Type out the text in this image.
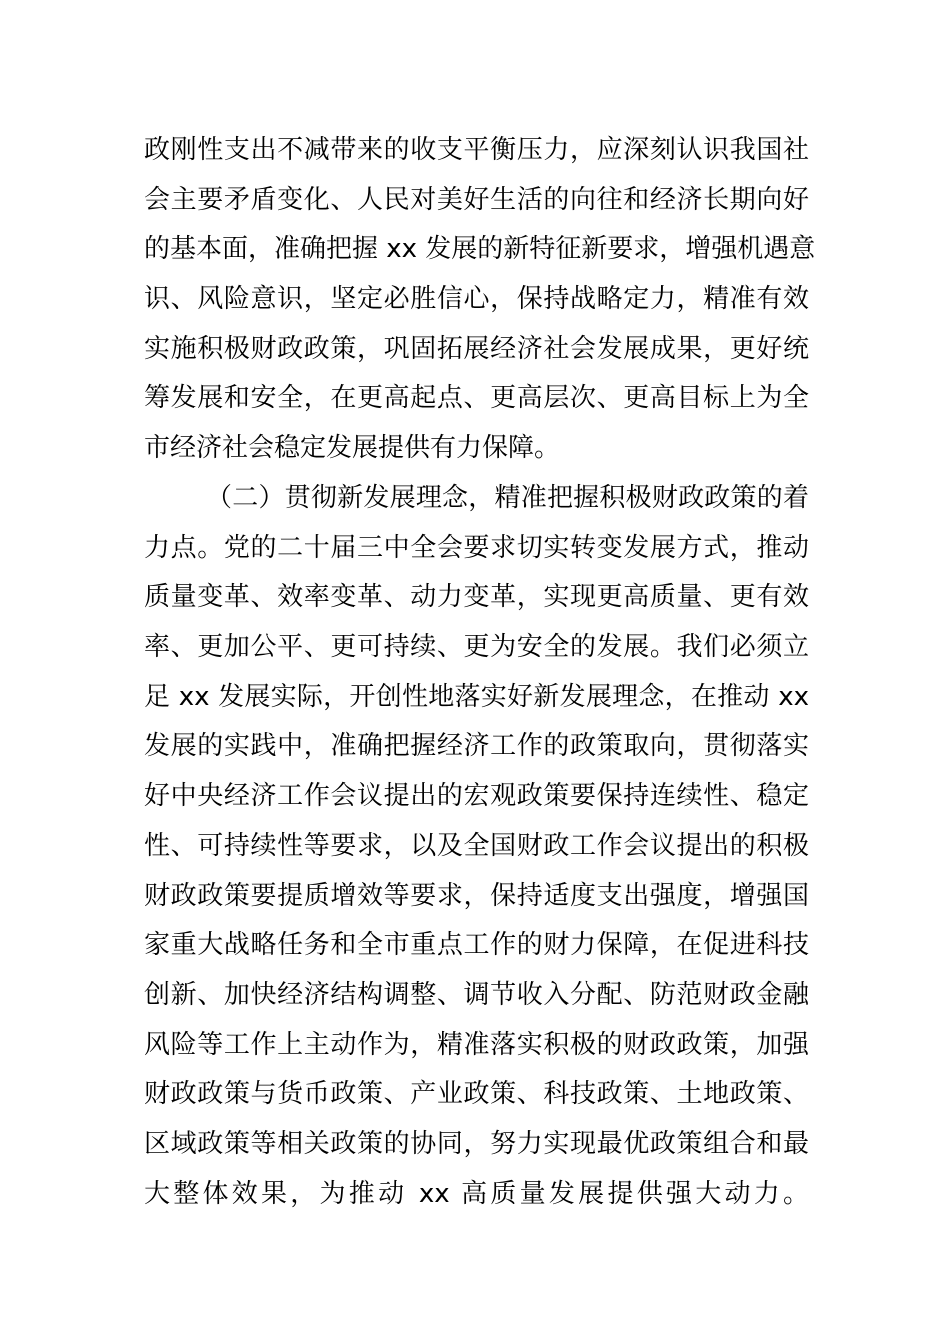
政刚性支出不减带来的收支平衡压力，应深刻认识我国社
会主要矛盾变化、人民对美好生活的向往和经济长期向好
的基本面，准确把握 xx 发展的新特征新要求，增强机遇意
识、风险意识，坚定必胜信心，保持战略定力，精准有效
实施积极财政政策，巩固拓展经济社会发展成果，更好统
筹发展和安全，在更高起点、更高层次、更高目标上为全
市经济社会稳定发展提供有力保障。
（二）贯彻新发展理念，精准把握积极财政政策的着
力点。党的二十届三中全会要求切实转变发展方式，推动
质量变革、效率变革、动力变革，实现更高质量、更有效
率、更加公平、更可持续、更为安全的发展。我们必须立
足 xx 发展实际，开创性地落实好新发展理念，在推动 xx
发展的实践中，准确把握经济工作的政策取向，贯彻落实
好中央经济工作会议提出的宏观政策要保持连续性、稳定
性、可持续性等要求，以及全国财政工作会议提出的积极
财政政策要提质增效等要求，保持适度支出强度，增强国
家重大战略任务和全市重点工作的财力保障，在促进科技
创新、加快经济结构调整、调节收入分配、防范财政金融
风险等工作上主动作为，精准落实积极的财政政策，加强
财政政策与货币政策、产业政策、科技政策、土地政策、
区域政策等相关政策的协同，努力实现最优政策组合和最
大整体效果，为推动 xx 高质量发展提供强大动力。
